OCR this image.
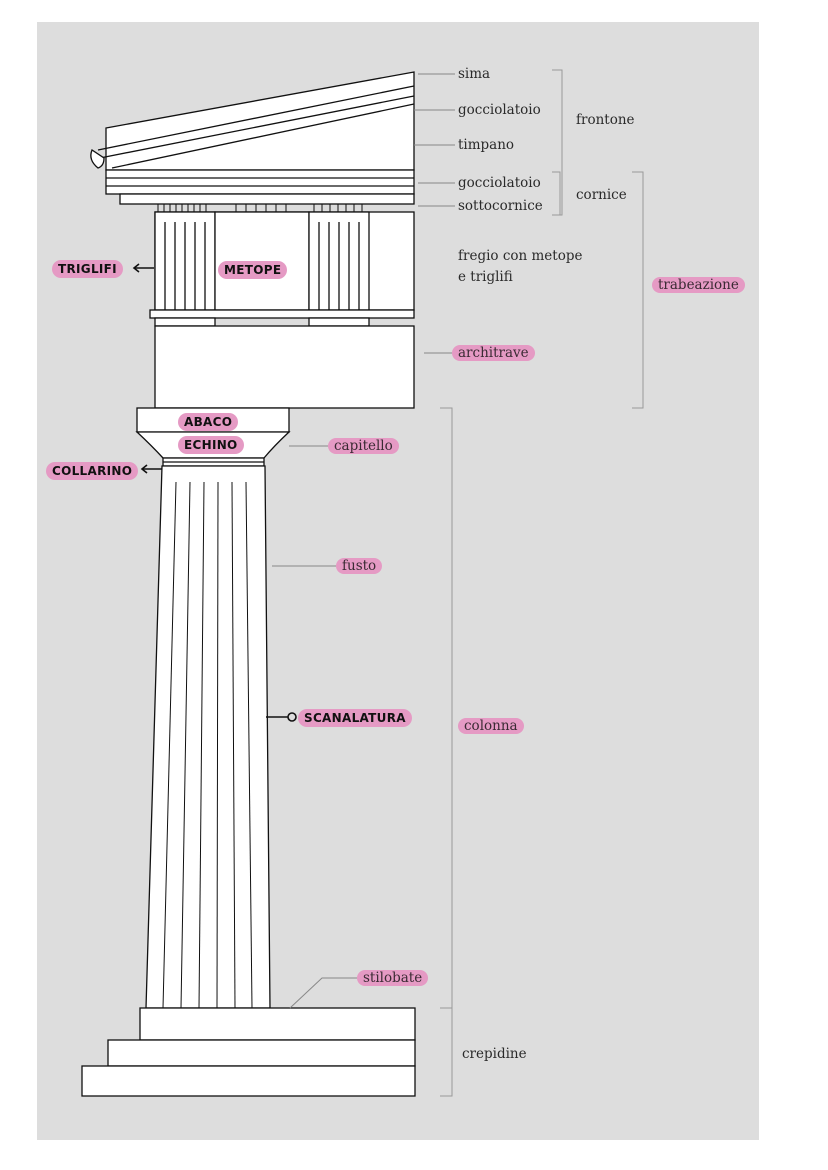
sima
gocciolatoio
timpano
gocciolatoio
sottocornice
fregio con metope
e triglifi
architrave
capitello
fusto
stilobate
frontone
cornice
trabeazione
colonna
crepidine
TRIGLIFI	METOPE
ABACO
ECHINO
COLLARINO
SCANALATURA
